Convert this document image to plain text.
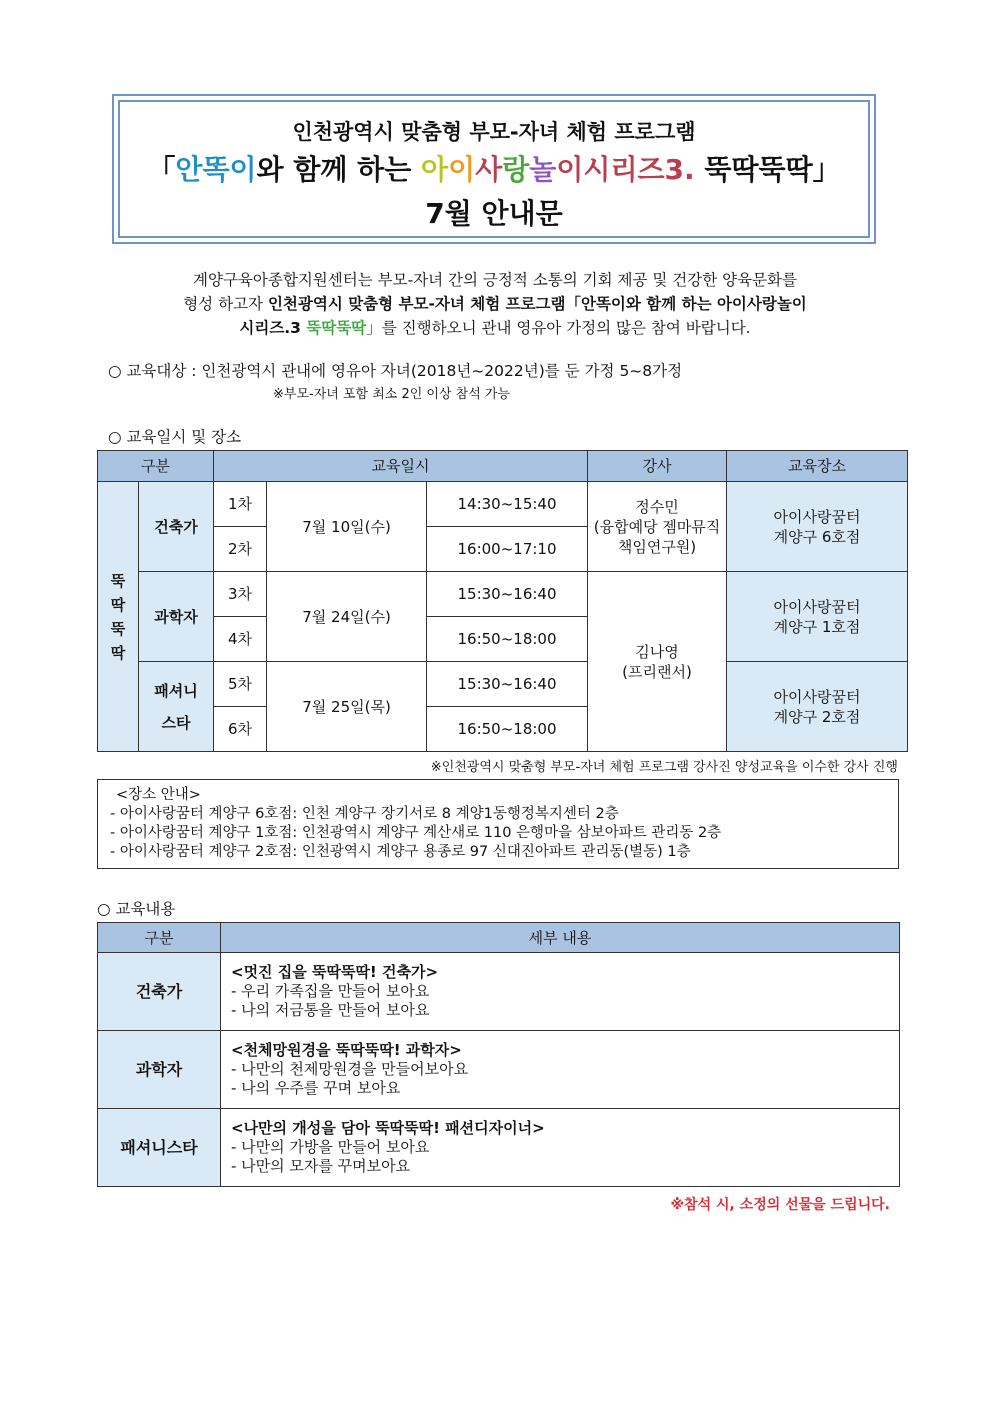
인천광역시 맞춤형 부모-자녀 체험 프로그램
「안똑이와 함께 하는 아이사랑놀이시리즈3. 뚝딱뚝딱」
7월 안내문
계양구육아종합지원센터는 부모-자녀 간의 긍정적 소통의 기회 제공 및 건강한 양육문화를
형성 하고자 인천광역시 맞춤형 부모-자녀 체험 프로그램「안똑이와 함께 하는 아이사랑놀이
시리즈.3 뚝딱뚝딱」를 진행하오니 관내 영유아 가정의 많은 참여 바랍니다.
○ 교육대상 : 인천광역시 관내에 영유아 자녀(2018년~2022년)를 둔 가정 5~8가정
※부모-자녀 포함 최소 2인 이상 참석 가능
○ 교육일시 및 장소
구분		교육일시			강사	교육장소
뚝
딱
뚝
딱	건축가	1차	7월 10일(수)	14:30~15:40	정수민
(융합예당 젬마뮤직
책임연구원)	아이사랑꿈터
계양구 6호점
		2차		16:00~17:10		
	과학자	3차	7월 24일(수)	15:30~16:40	김나영
(프리랜서)	아이사랑꿈터
계양구 1호점
		4차		16:50~18:00		
	패셔니
스타	5차	7월 25일(목)	15:30~16:40		아이사랑꿈터
계양구 2호점
		6차		16:50~18:00		
※인천광역시 맞춤형 부모-자녀 체험 프로그램 강사진 양성교육을 이수한 강사 진행
<장소 안내>
- 아이사랑꿈터 계양구 6호점: 인천 계양구 장기서로 8 계양1동행정복지센터 2층
- 아이사랑꿈터 계양구 1호점: 인천광역시 계양구 계산새로 110 은행마을 삼보아파트 관리동 2층
- 아이사랑꿈터 계양구 2호점: 인천광역시 계양구 용종로 97 신대진아파트 관리동(별동) 1층
○ 교육내용
구분	세부 내용
건축가	<멋진 집을 뚝딱뚝딱! 건축가>
- 우리 가족집을 만들어 보아요
- 나의 저금통을 만들어 보아요

과학자	<천체망원경을 뚝딱뚝딱! 과학자>
- 나만의 천제망원경을 만들어보아요
- 나의 우주를 꾸며 보아요

패셔니스타	<나만의 개성을 담아 뚝딱뚝딱! 패션디자이너>
- 나만의 가방을 만들어 보아요
- 나만의 모자를 꾸며보아요
※참석 시, 소정의 선물을 드립니다.
